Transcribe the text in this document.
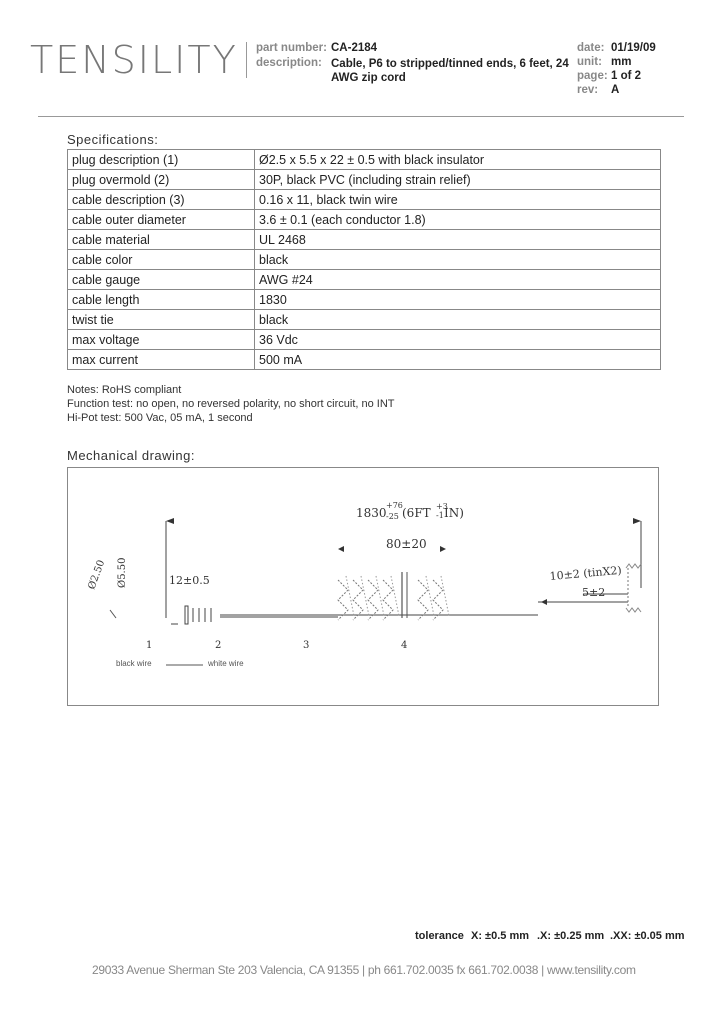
TENSILITY part number: CA-2184
description: Cable, P6 to stripped/tinned ends, 6 feet, 24
AWG zip cord
date: 01/19/09
unit: mm
page: 1 of 2
rev: A
Specifications:
plug description (1)	Ø2.5 x 5.5 x 22 ± 0.5 with black insulator
plug overmold (2)	30P, black PVC (including strain relief)
cable description (3)	0.16 x 11, black twin wire
cable outer diameter	3.6 ± 0.1 (each conductor 1.8)
cable material	UL 2468
cable color	black
cable gauge	AWG #24
cable length	1830
twist tie	black
max voltage	36 Vdc
max current	500 mA
Notes: RoHS compliant
Function test: no open, no reversed polarity, no short circuit, no INT
Hi-Pot test: 500 Vac, 05 mA, 1 second
Mechanical drawing:
1830
+76
-25 (6FT +3
-1 IN)
80±20
12±0.5
Ø5.50
Ø2.50	10±2 (tinX2)
5±2
1	2	3	4
black wire	white wire
tolerance X: ±0.5 mm .X: ±0.25 mm .XX: ±0.05 mm
29033 Avenue Sherman Ste 203 Valencia, CA 91355 | ph 661.702.0035 fx 661.702.0038 | www.tensility.com
